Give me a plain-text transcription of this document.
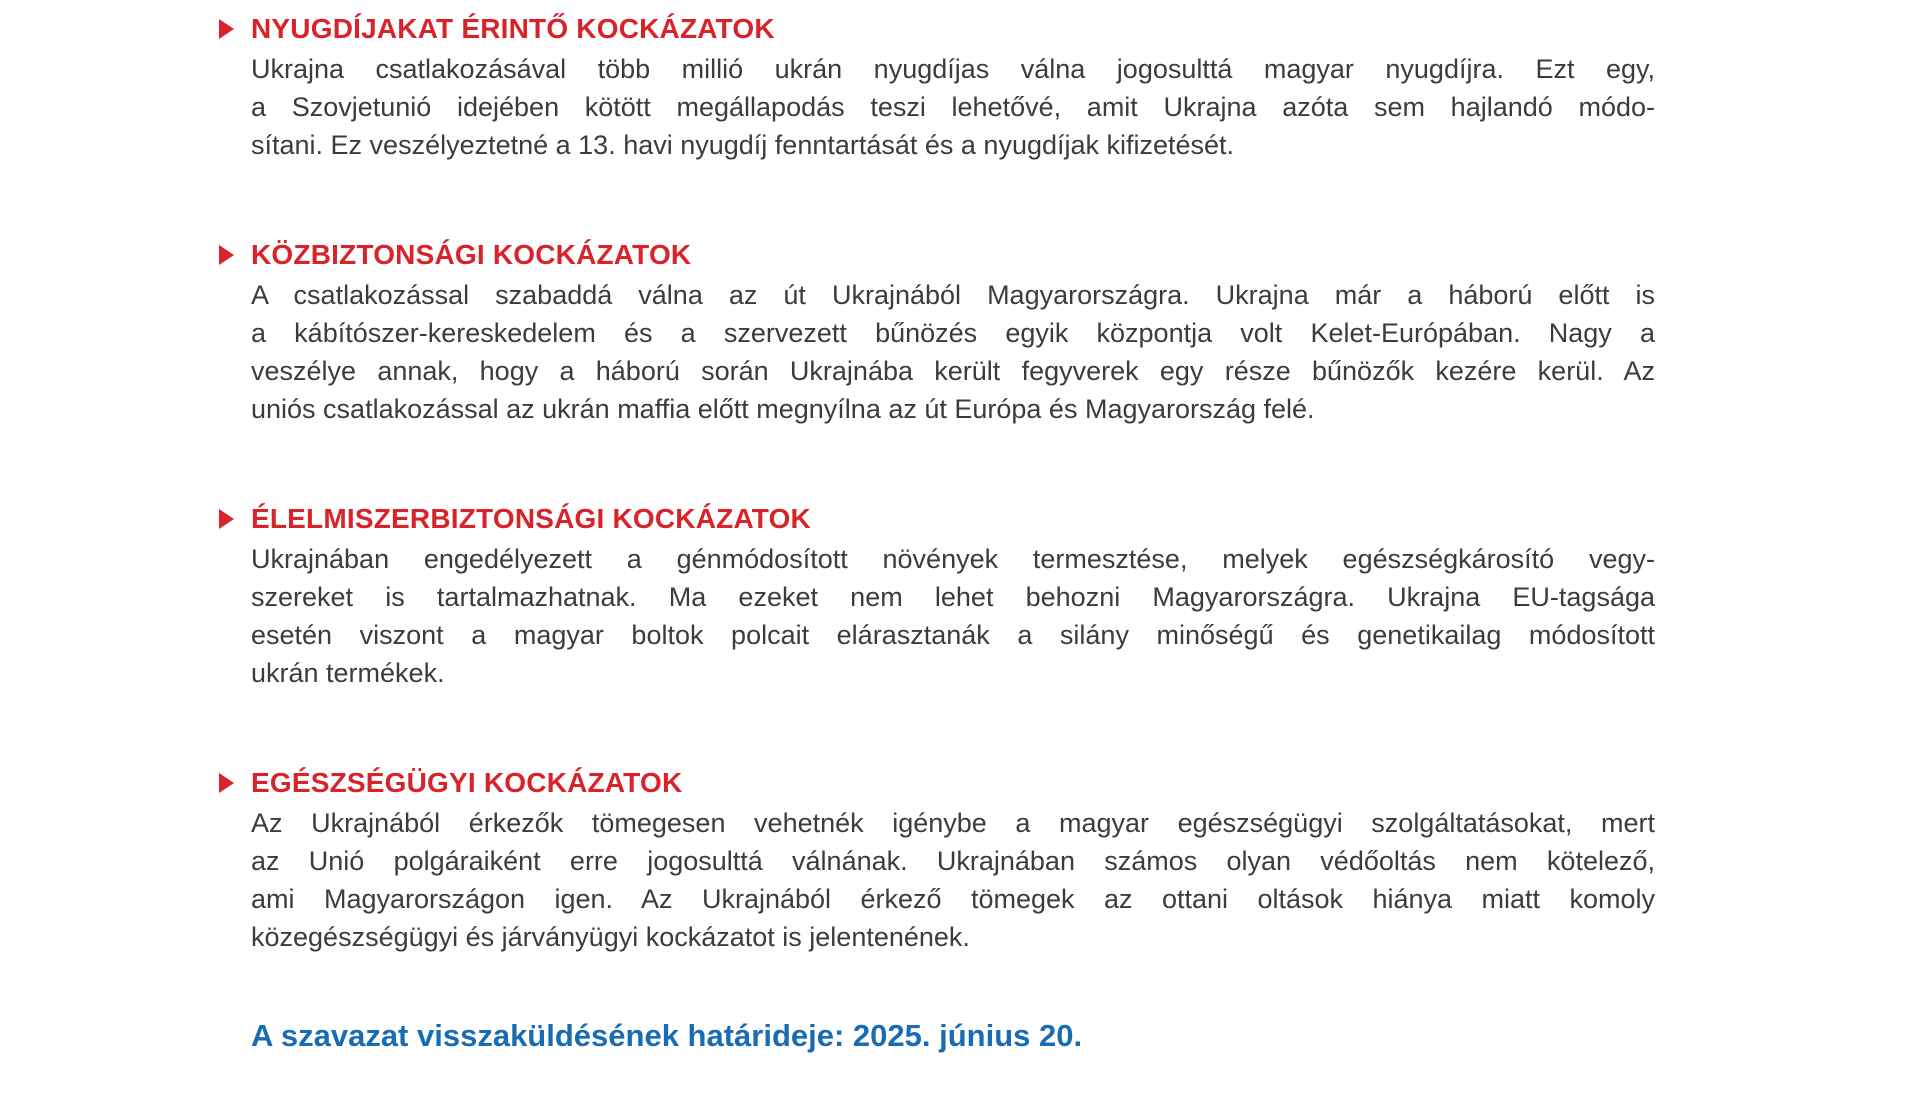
NYUGDÍJAKAT ÉRINTŐ KOCKÁZATOK
Ukrajna csatlakozásával több millió ukrán nyugdíjas válna jogosulttá magyar nyugdíjra. Ezt egy,
a Szovjetunió idejében kötött megállapodás teszi lehetővé, amit Ukrajna azóta sem hajlandó módo-
sítani. Ez veszélyeztetné a 13. havi nyugdíj fenntartását és a nyugdíjak kifizetését.
KÖZBIZTONSÁGI KOCKÁZATOK
A csatlakozással szabaddá válna az út Ukrajnából Magyarországra. Ukrajna már a háború előtt is
a kábítószer-kereskedelem és a szervezett bűnözés egyik központja volt Kelet-Európában. Nagy a
veszélye annak, hogy a háború során Ukrajnába került fegyverek egy része bűnözők kezére kerül. Az
uniós csatlakozással az ukrán maffia előtt megnyílna az út Európa és Magyarország felé.
ÉLELMISZERBIZTONSÁGI KOCKÁZATOK
Ukrajnában engedélyezett a génmódosított növények termesztése, melyek egészségkárosító vegy-
szereket is tartalmazhatnak. Ma ezeket nem lehet behozni Magyarországra. Ukrajna EU-tagsága
esetén viszont a magyar boltok polcait elárasztanák a silány minőségű és genetikailag módosított
ukrán termékek.
EGÉSZSÉGÜGYI KOCKÁZATOK
Az Ukrajnából érkezők tömegesen vehetnék igénybe a magyar egészségügyi szolgáltatásokat, mert
az Unió polgáraiként erre jogosulttá válnának. Ukrajnában számos olyan védőoltás nem kötelező,
ami Magyarországon igen. Az Ukrajnából érkező tömegek az ottani oltások hiánya miatt komoly
közegészségügyi és járványügyi kockázatot is jelentenének.
A szavazat visszaküldésének határideje: 2025. június 20.
